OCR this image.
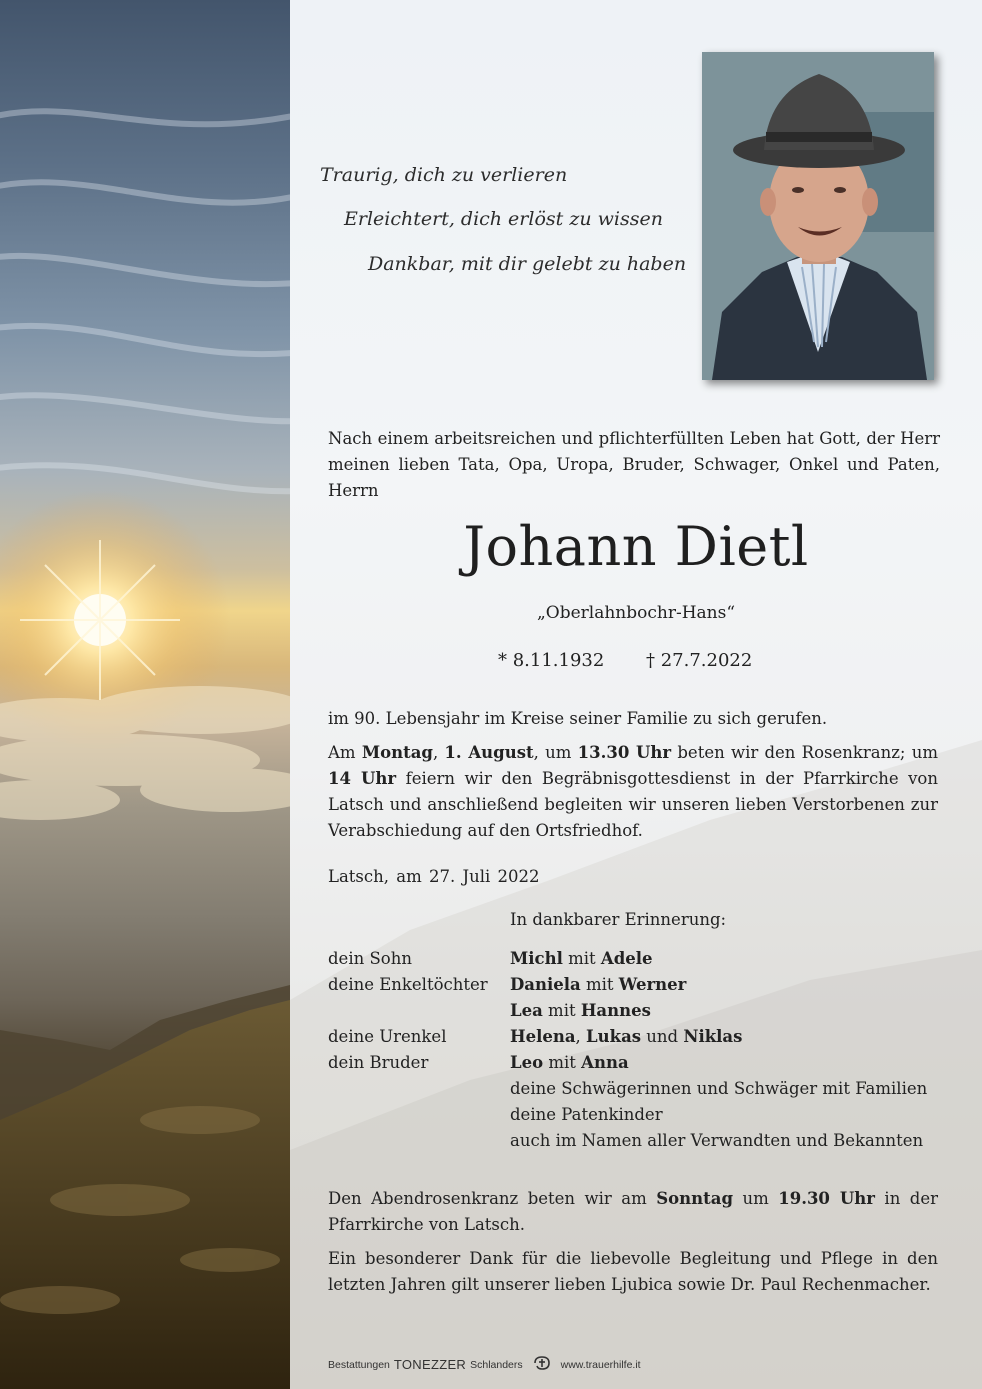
Traurig, dich zu verlieren
Erleichtert, dich erlöst zu wissen
Dankbar, mit dir gelebt zu haben
Nach einem arbeitsreichen und pflichterfüllten Leben hat Gott, der Herr meinen lieben Tata, Opa, Uropa, Bruder, Schwager, Onkel und Paten, Herrn
Johann Dietl
„Oberlahnbochr-Hans“
* 8.11.1932 † 27.7.2022
im 90. Lebensjahr im Kreise seiner Familie zu sich gerufen.
Am Montag, 1. August, um 13.30 Uhr beten wir den Rosenkranz; um 14 Uhr feiern wir den Begräbnisgottesdienst in der Pfarrkirche von Latsch und anschließend begleiten wir unseren lieben Verstorbenen zur Verabschiedung auf den Ortsfriedhof.
Latsch, am 27. Juli 2022
In dankbarer Erinnerung:
dein Sohn	Michl mit Adele
deine Enkeltöchter	Daniela mit Werner
Lea mit Hannes
deine Urenkel	Helena, Lukas und Niklas
dein Bruder	Leo mit Anna
deine Schwägerinnen und Schwäger mit Familien
deine Patenkinder
auch im Namen aller Verwandten und Bekannten
Den Abendrosenkranz beten wir am Sonntag um 19.30 Uhr in der Pfarrkirche von Latsch.
Ein besonderer Dank für die liebevolle Begleitung und Pflege in den letzten Jahren gilt unserer lieben Ljubica sowie Dr. Paul Rechenmacher.
Bestattungen TONEZZER Schlanders	www.trauerhilfe.it
